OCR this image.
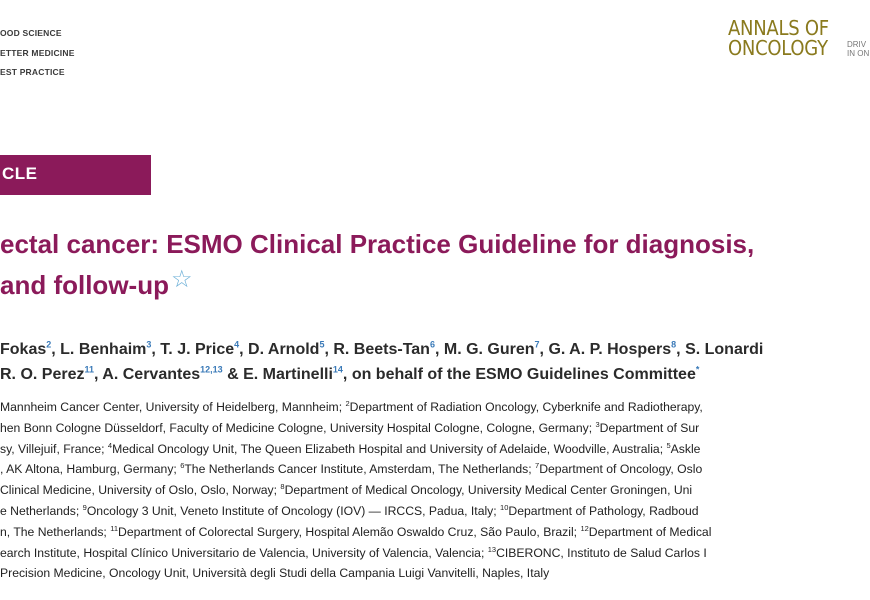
OOD SCIENCE
ETTER MEDICINE
EST PRACTICE
ANNALS OF
ONCOLOGY DRIV
IN ON
CLE
ectal cancer: ESMO Clinical Practice Guideline for diagnosis,
and follow-up☆
Fokas$^2$, L. Benhaim$^3$, T. J. Price$^4$, D. Arnold$^5$, R. Beets-Tan$^6$, M. G. Guren$^7$, G. A. P. Hospers$^8$, S. Lonardi
R. O. Perez$^{11}$, A. Cervantes$^{12,13}$ & E. Martinelli$^{14}$, on behalf of the ESMO Guidelines Committee*
Mannheim Cancer Center, University of Heidelberg, Mannheim; $^2$Department of Radiation Oncology, Cyberknife and Radiotherapy,
hen Bonn Cologne Düsseldorf, Faculty of Medicine Cologne, University Hospital Cologne, Cologne, Germany; $^3$Department of Sur
sy, Villejuif, France; $^4$Medical Oncology Unit, The Queen Elizabeth Hospital and University of Adelaide, Woodville, Australia; $^5$Askle
, AK Altona, Hamburg, Germany; $^6$The Netherlands Cancer Institute, Amsterdam, The Netherlands; $^7$Department of Oncology, Oslo
Clinical Medicine, University of Oslo, Oslo, Norway; $^8$Department of Medical Oncology, University Medical Center Groningen, Uni
e Netherlands; $^9$Oncology 3 Unit, Veneto Institute of Oncology (IOV) — IRCCS, Padua, Italy; $^{10}$Department of Pathology, Radboud
n, The Netherlands; $^{11}$Department of Colorectal Surgery, Hospital Alemão Oswaldo Cruz, São Paulo, Brazil; $^{12}$Department of Medical
earch Institute, Hospital Clínico Universitario de Valencia, University of Valencia, Valencia; $^{13}$CIBERONC, Instituto de Salud Carlos I
Precision Medicine, Oncology Unit, Università degli Studi della Campania Luigi Vanvitelli, Naples, Italy
